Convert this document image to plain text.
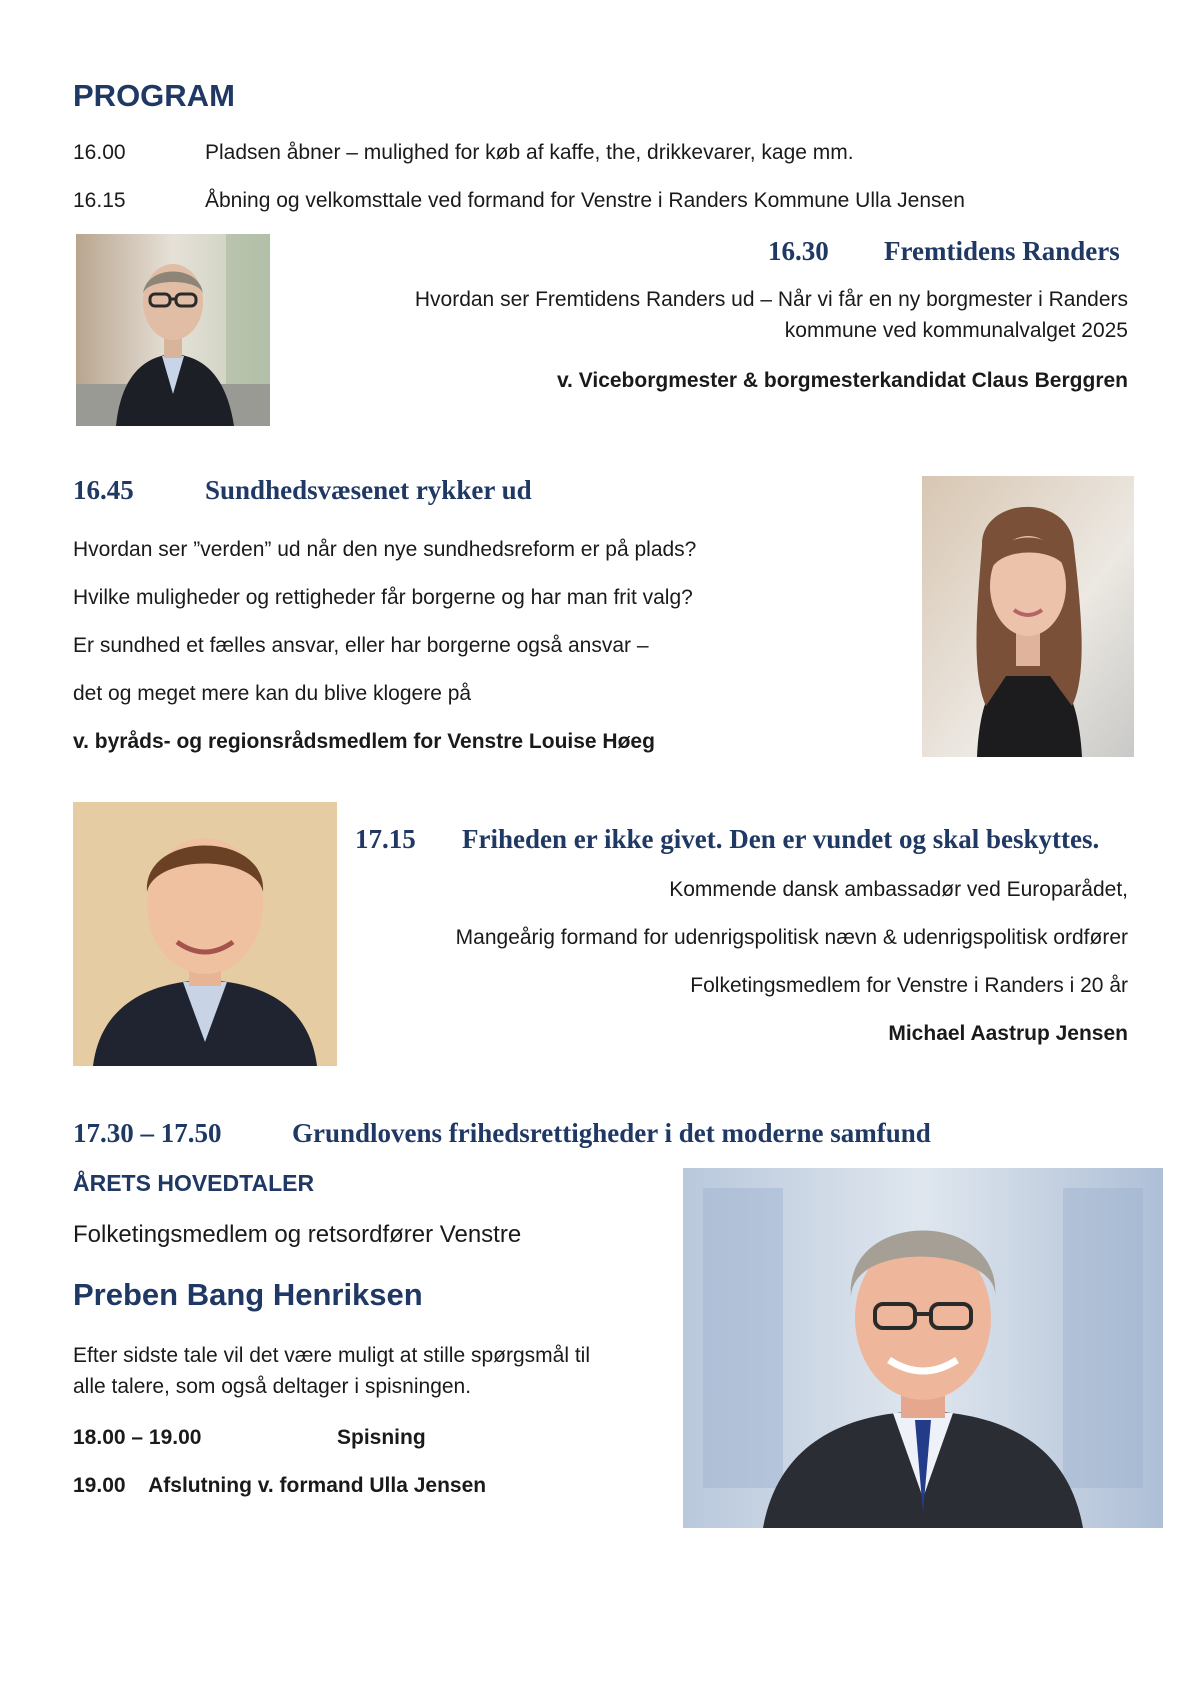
PROGRAM
16.00	Pladsen åbner – mulighed for køb af kaffe, the, drikkevarer, kage mm.
16.15	Åbning og velkomsttale ved formand for Venstre i Randers Kommune Ulla Jensen
16.30 Fremtidens Randers
Hvordan ser Fremtidens Randers ud – Når vi får en ny borgmester i Randers
kommune ved kommunalvalget 2025
v. Viceborgmester & borgmesterkandidat Claus Berggren
16.45	Sundhedsvæsenet rykker ud
Hvordan ser ”verden” ud når den nye sundhedsreform er på plads?
Hvilke muligheder og rettigheder får borgerne og har man frit valg?
Er sundhed et fælles ansvar, eller har borgerne også ansvar –
det og meget mere kan du blive klogere på
v. byråds- og regionsrådsmedlem for Venstre Louise Høeg
17.15 Friheden er ikke givet. Den er vundet og skal beskyttes.
Kommende dansk ambassadør ved Europarådet,
Mangeårig formand for udenrigspolitisk nævn & udenrigspolitisk ordfører
Folketingsmedlem for Venstre i Randers i 20 år
Michael Aastrup Jensen
17.30 – 17.50	Grundlovens frihedsrettigheder i det moderne samfund
ÅRETS HOVEDTALER
Folketingsmedlem og retsordfører Venstre
Preben Bang Henriksen
Efter sidste tale vil det være muligt at stille spørgsmål til
alle talere, som også deltager i spisningen.
18.00 – 19.00	Spisning
19.00    Afslutning v. formand Ulla Jensen
